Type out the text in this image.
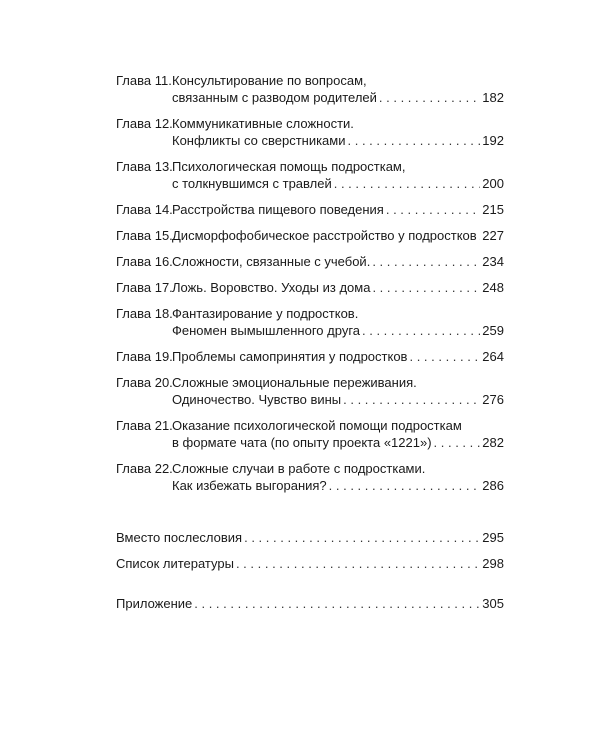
Глава 11. Консультирование по вопросам,
связанным с разводом родителей . . .	182
Глава 12. Коммуникативные сложности.
Конфликты со сверстниками . . .	192
Глава 13. Психологическая помощь подросткам,
с толкнувшимся с травлей . . .	200
Глава 14. Расстройства пищевого поведения . . .	215
Глава 15. Дисморфофобическое расстройство у подростков . . . 227
Глава 16. Сложности, связанные с учебой. . . .	234
Глава 17. Ложь. Воровство. Уходы из дома . . .	248
Глава 18. Фантазирование у подростков.
Феномен вымышленного друга . . .	259
Глава 19. Проблемы самопринятия у подростков . . .	264
Глава 20. Сложные эмоциональные переживания.
Одиночество. Чувство вины . . .	276
Глава 21. Оказание психологической помощи подросткам
в формате чата (по опыту проекта «1221») . . .	282
Глава 22. Сложные случаи в работе с подростками.
Как избежать выгорания? . . .	286
Вместо послесловия . . .	295
Список литературы . . .	298
Приложение . . .	305
